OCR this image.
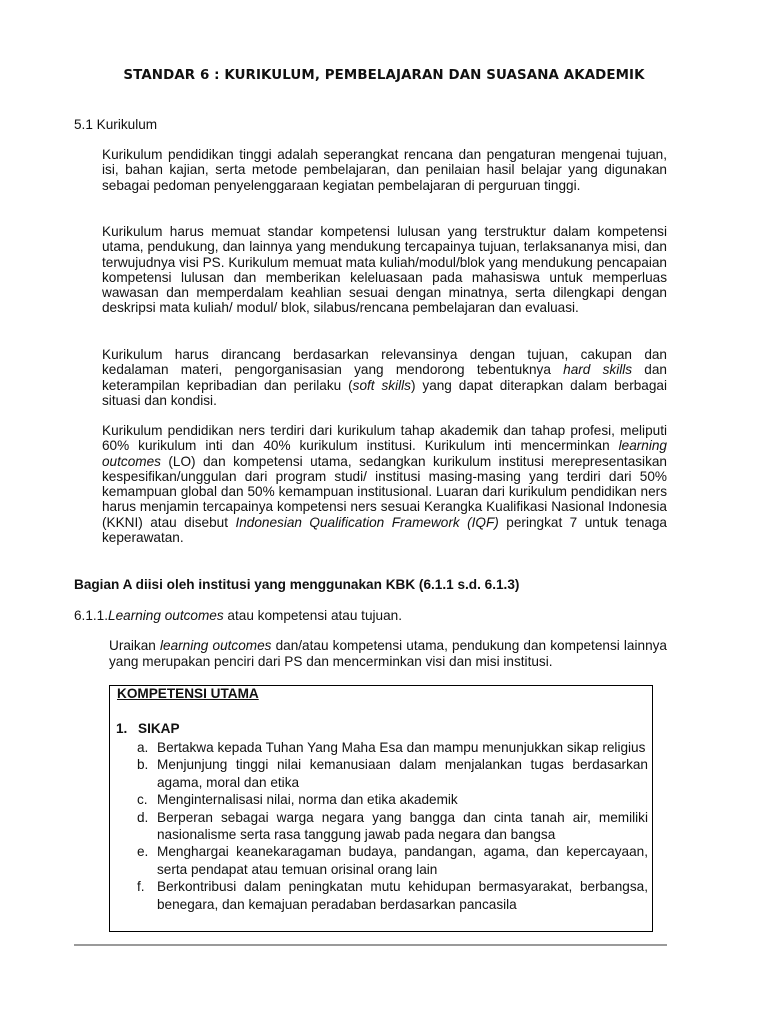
STANDAR 6 : KURIKULUM, PEMBELAJARAN DAN SUASANA AKADEMIK
5.1 Kurikulum
Kurikulum pendidikan tinggi adalah seperangkat rencana dan pengaturan mengenai tujuan, isi, bahan kajian, serta metode pembelajaran, dan penilaian hasil belajar yang digunakan sebagai pedoman penyelenggaraan kegiatan pembelajaran di perguruan tinggi.
Kurikulum harus memuat standar kompetensi lulusan yang terstruktur dalam kompetensi utama, pendukung, dan lainnya yang mendukung tercapainya tujuan, terlaksananya misi, dan terwujudnya visi PS. Kurikulum memuat mata kuliah/modul/blok yang mendukung pencapaian kompetensi lulusan dan memberikan keleluasaan pada mahasiswa untuk memperluas wawasan dan memperdalam keahlian sesuai dengan minatnya, serta dilengkapi dengan deskripsi mata kuliah/ modul/ blok, silabus/rencana pembelajaran dan evaluasi.
Kurikulum harus dirancang berdasarkan relevansinya dengan tujuan, cakupan dan kedalaman materi, pengorganisasian yang mendorong tebentuknya hard skills dan keterampilan kepribadian dan perilaku (soft skills) yang dapat diterapkan dalam berbagai situasi dan kondisi.
Kurikulum pendidikan ners terdiri dari kurikulum tahap akademik dan tahap profesi, meliputi 60% kurikulum inti dan 40% kurikulum institusi. Kurikulum inti mencerminkan learning outcomes (LO) dan kompetensi utama, sedangkan kurikulum institusi merepresentasikan kespesifikan/unggulan dari program studi/ institusi masing-masing yang terdiri dari 50% kemampuan global dan 50% kemampuan institusional. Luaran dari kurikulum pendidikan ners harus menjamin tercapainya kompetensi ners sesuai Kerangka Kualifikasi Nasional Indonesia (KKNI) atau disebut Indonesian Qualification Framework (IQF) peringkat 7 untuk tenaga keperawatan.
Bagian A diisi oleh institusi yang menggunakan KBK (6.1.1 s.d. 6.1.3)
6.1.1.Learning outcomes atau kompetensi atau tujuan.
Uraikan learning outcomes dan/atau kompetensi utama, pendukung dan kompetensi lainnya yang merupakan penciri dari PS dan mencerminkan visi dan misi institusi.
KOMPETENSI UTAMA
1. SIKAP
a. Bertakwa kepada Tuhan Yang Maha Esa dan mampu menunjukkan sikap religius
b. Menjunjung tinggi nilai kemanusiaan dalam menjalankan tugas berdasarkan agama, moral dan etika
c. Menginternalisasi nilai, norma dan etika akademik
d. Berperan sebagai warga negara yang bangga dan cinta tanah air, memiliki nasionalisme serta rasa tanggung jawab pada negara dan bangsa
e. Menghargai keanekaragaman budaya, pandangan, agama, dan kepercayaan, serta pendapat atau temuan orisinal orang lain
f. Berkontribusi dalam peningkatan mutu kehidupan bermasyarakat, berbangsa, benegara, dan kemajuan peradaban berdasarkan pancasila
